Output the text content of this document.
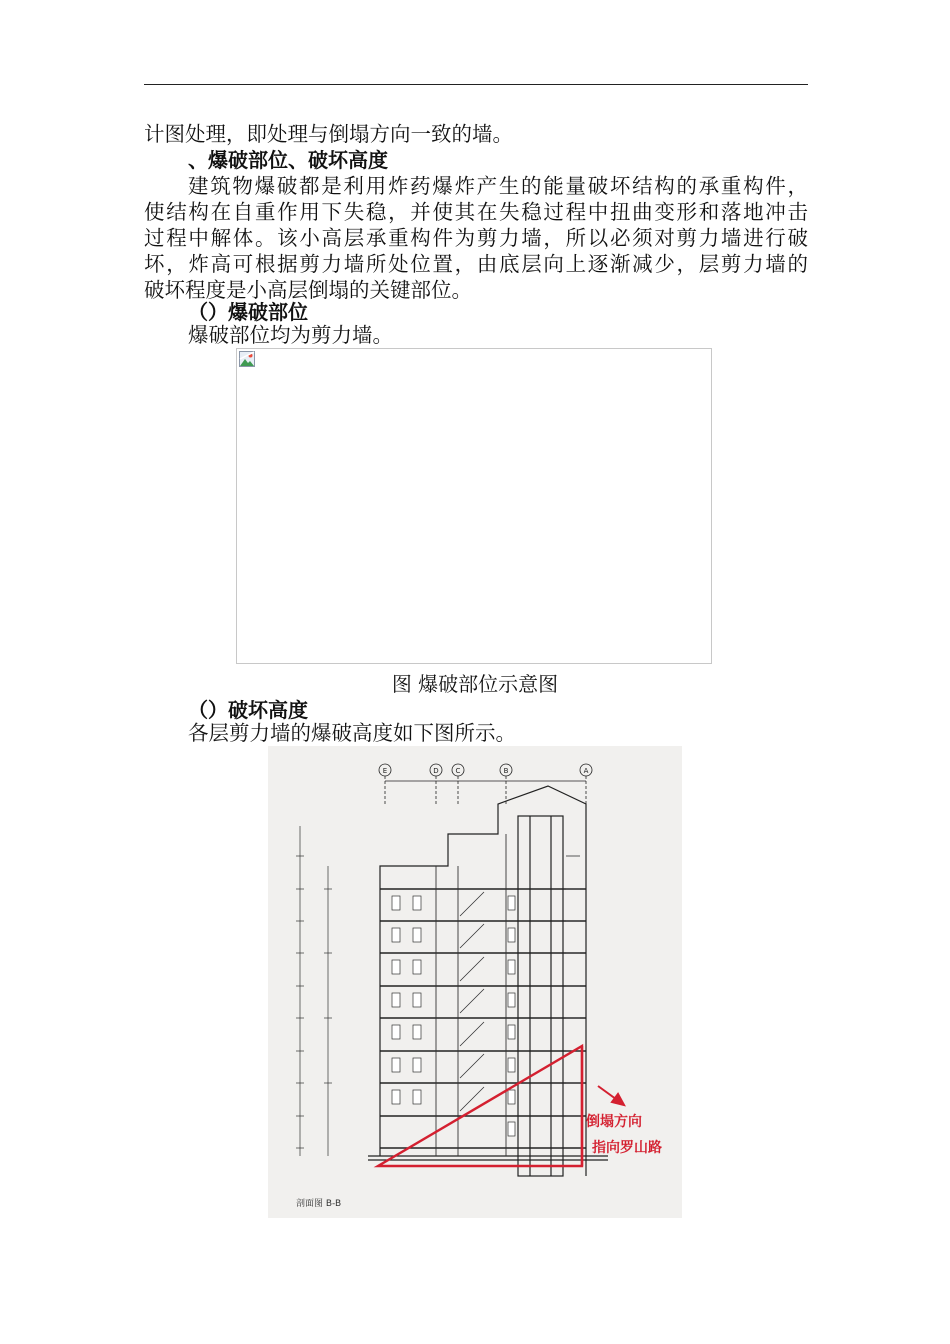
计图处理，即处理与倒塌方向一致的墙。
、爆破部位、破坏高度
建筑物爆破都是利用炸药爆炸产生的能量破坏结构的承重构件，
使结构在自重作用下失稳，并使其在失稳过程中扭曲变形和落地冲击
过程中解体。该小高层承重构件为剪力墙，所以必须对剪力墙进行破
坏，炸高可根据剪力墙所处位置，由底层向上逐渐减少，层剪力墙的
破坏程度是小高层倒塌的关键部位。
（）爆破部位
爆破部位均为剪力墙。
图 爆破部位示意图
（）破坏高度
各层剪力墙的爆破高度如下图所示。
E	D C	B	A
倒塌方向
指向罗山路
剖面图 B-B
